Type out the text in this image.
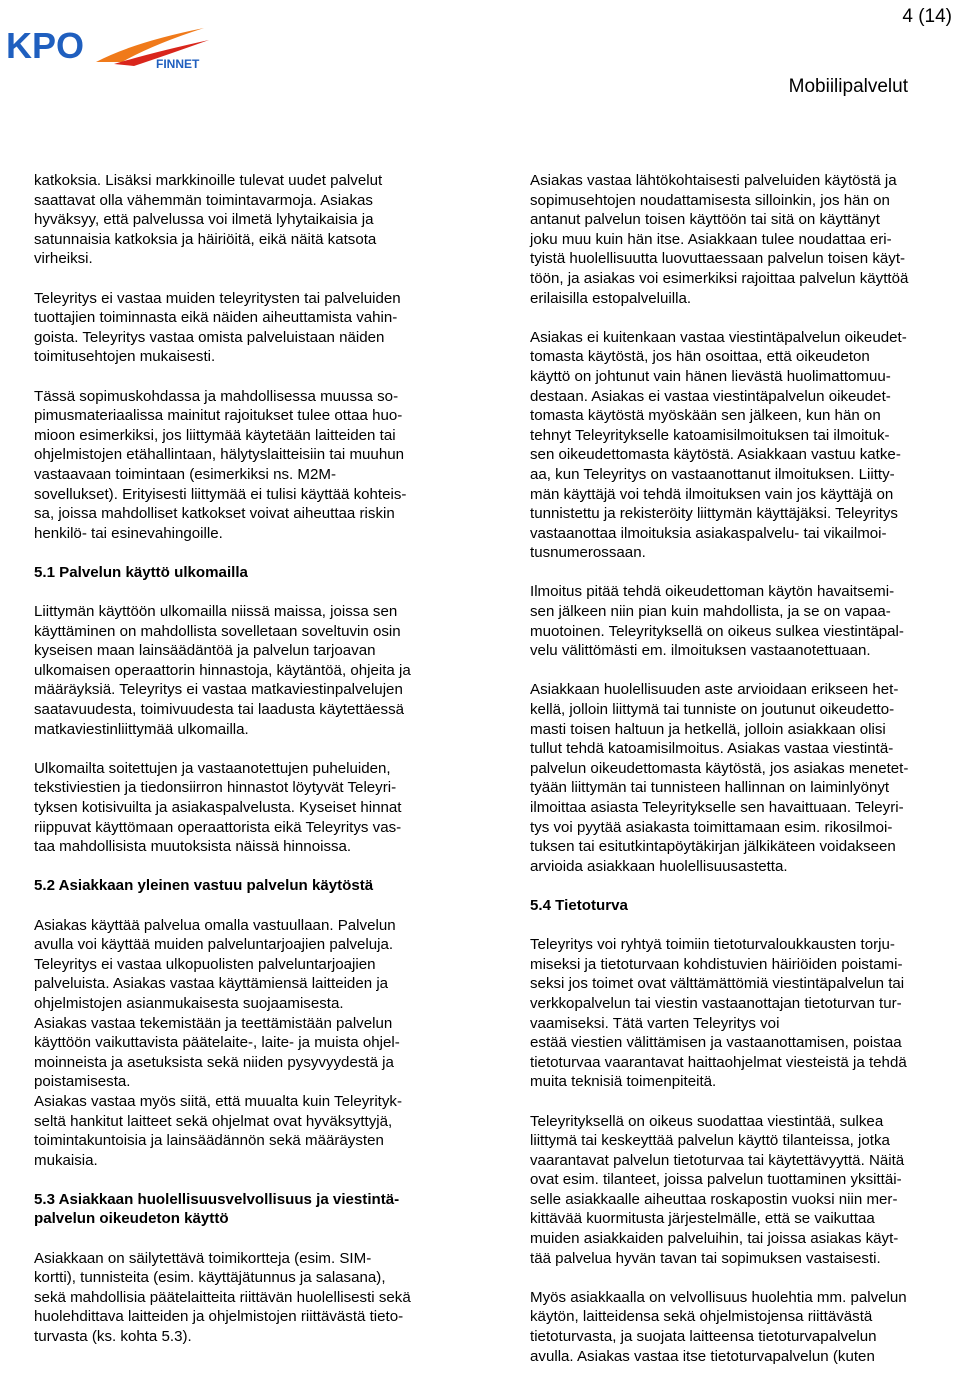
KPO	FINNET
4 (14)
Mobiilipalvelut

katkoksia. Lisäksi markkinoille tulevat uudet palvelut
saattavat olla vähemmän toimintavarmoja. Asiakas
hyväksyy, että palvelussa voi ilmetä lyhytaikaisia ja
satunnaisia katkoksia ja häiriöitä, eikä näitä katsota
virheiksi.

Teleyritys ei vastaa muiden teleyritysten tai palveluiden
tuottajien toiminnasta eikä näiden aiheuttamista vahin-
goista. Teleyritys vastaa omista palveluistaan näiden
toimitusehtojen mukaisesti.

Tässä sopimuskohdassa ja mahdollisessa muussa so-
pimusmateriaalissa mainitut rajoitukset tulee ottaa huo-
mioon esimerkiksi, jos liittymää käytetään laitteiden tai
ohjelmistojen etähallintaan, hälytyslaitteisiin tai muuhun
vastaavaan toimintaan (esimerkiksi ns. M2M-
sovellukset). Erityisesti liittymää ei tulisi käyttää kohteis-
sa, joissa mahdolliset katkokset voivat aiheuttaa riskin
henkilö- tai esinevahingoille.

5.1 Palvelun käyttö ulkomailla

Liittymän käyttöön ulkomailla niissä maissa, joissa sen
käyttäminen on mahdollista sovelletaan soveltuvin osin
kyseisen maan lainsäädäntöä ja palvelun tarjoavan
ulkomaisen operaattorin hinnastoja, käytäntöä, ohjeita ja
määräyksiä. Teleyritys ei vastaa matkaviestinpalvelujen
saatavuudesta, toimivuudesta tai laadusta käytettäessä
matkaviestinliittymää ulkomailla.

Ulkomailta soitettujen ja vastaanotettujen puheluiden,
tekstiviestien ja tiedonsiirron hinnastot löytyvät Teleyri-
tyksen kotisivuilta ja asiakaspalvelusta. Kyseiset hinnat
riippuvat käyttömaan operaattorista eikä Teleyritys vas-
taa mahdollisista muutoksista näissä hinnoissa.

5.2 Asiakkaan yleinen vastuu palvelun käytöstä

Asiakas käyttää palvelua omalla vastuullaan. Palvelun
avulla voi käyttää muiden palveluntarjoajien palveluja.
Teleyritys ei vastaa ulkopuolisten palveluntarjoajien
palveluista. Asiakas vastaa käyttämiensä laitteiden ja
ohjelmistojen asianmukaisesta suojaamisesta.
Asiakas vastaa tekemistään ja teettämistään palvelun
käyttöön vaikuttavista päätelaite-, laite- ja muista ohjel-
moinneista ja asetuksista sekä niiden pysyvyydestä ja
poistamisesta.
Asiakas vastaa myös siitä, että muualta kuin Teleyrityk-
seltä hankitut laitteet sekä ohjelmat ovat hyväksyttyjä,
toimintakuntoisia ja lainsäädännön sekä määräysten
mukaisia.

5.3 Asiakkaan huolellisuusvelvollisuus ja viestintä-
palvelun oikeudeton käyttö

Asiakkaan on säilytettävä toimikortteja (esim. SIM-
kortti), tunnisteita (esim. käyttäjätunnus ja salasana),
sekä mahdollisia päätelaitteita riittävän huolellisesti sekä
huolehdittava laitteiden ja ohjelmistojen riittävästä tieto-
turvasta (ks. kohta 5.3).

Asiakas vastaa lähtökohtaisesti palveluiden käytöstä ja
sopimusehtojen noudattamisesta silloinkin, jos hän on
antanut palvelun toisen käyttöön tai sitä on käyttänyt
joku muu kuin hän itse. Asiakkaan tulee noudattaa eri-
tyistä huolellisuutta luovuttaessaan palvelun toisen käyt-
töön, ja asiakas voi esimerkiksi rajoittaa palvelun käyttöä
erilaisilla estopalveluilla.

Asiakas ei kuitenkaan vastaa viestintäpalvelun oikeudet-
tomasta käytöstä, jos hän osoittaa, että oikeudeton
käyttö on johtunut vain hänen lievästä huolimattomuu-
destaan. Asiakas ei vastaa viestintäpalvelun oikeudet-
tomasta käytöstä myöskään sen jälkeen, kun hän on
tehnyt Teleyritykselle katoamisilmoituksen tai ilmoituk-
sen oikeudettomasta käytöstä. Asiakkaan vastuu katke-
aa, kun Teleyritys on vastaanottanut ilmoituksen. Liitty-
män käyttäjä voi tehdä ilmoituksen vain jos käyttäjä on
tunnistettu ja rekisteröity liittymän käyttäjäksi. Teleyritys
vastaanottaa ilmoituksia asiakaspalvelu- tai vikailmoi-
tusnumerossaan.

Ilmoitus pitää tehdä oikeudettoman käytön havaitsemi-
sen jälkeen niin pian kuin mahdollista, ja se on vapaa-
muotoinen. Teleyrityksellä on oikeus sulkea viestintäpal-
velu välittömästi em. ilmoituksen vastaanotettuaan.

Asiakkaan huolellisuuden aste arvioidaan erikseen het-
kellä, jolloin liittymä tai tunniste on joutunut oikeudetto-
masti toisen haltuun ja hetkellä, jolloin asiakkaan olisi
tullut tehdä katoamisilmoitus. Asiakas vastaa viestintä-
palvelun oikeudettomasta käytöstä, jos asiakas menetet-
tyään liittymän tai tunnisteen hallinnan on laiminlyönyt
ilmoittaa asiasta Teleyritykselle sen havaittuaan. Teleyri-
tys voi pyytää asiakasta toimittamaan esim. rikosilmoi-
tuksen tai esitutkintapöytäkirjan jälkikäteen voidakseen
arvioida asiakkaan huolellisuusastetta.

5.4 Tietoturva

Teleyritys voi ryhtyä toimiin tietoturvaloukkausten torju-
miseksi ja tietoturvaan kohdistuvien häiriöiden poistami-
seksi jos toimet ovat välttämättömiä viestintäpalvelun tai
verkkopalvelun tai viestin vastaanottajan tietoturvan tur-
vaamiseksi. Tätä varten Teleyritys voi
estää viestien välittämisen ja vastaanottamisen, poistaa
tietoturvaa vaarantavat haittaohjelmat viesteistä ja tehdä
muita teknisiä toimenpiteitä.

Teleyrityksellä on oikeus suodattaa viestintää, sulkea
liittymä tai keskeyttää palvelun käyttö tilanteissa, jotka
vaarantavat palvelun tietoturvaa tai käytettävyyttä. Näitä
ovat esim. tilanteet, joissa palvelun tuottaminen yksittäi-
selle asiakkaalle aiheuttaa roskapostin vuoksi niin mer-
kittävää kuormitusta järjestelmälle, että se vaikuttaa
muiden asiakkaiden palveluihin, tai joissa asiakas käyt-
tää palvelua hyvän tavan tai sopimuksen vastaisesti.

Myös asiakkaalla on velvollisuus huolehtia mm. palvelun
käytön, laitteidensa sekä ohjelmistojensa riittävästä
tietoturvasta, ja suojata laitteensa tietoturvapalvelun
avulla. Asiakas vastaa itse tietoturvapalvelun (kuten
